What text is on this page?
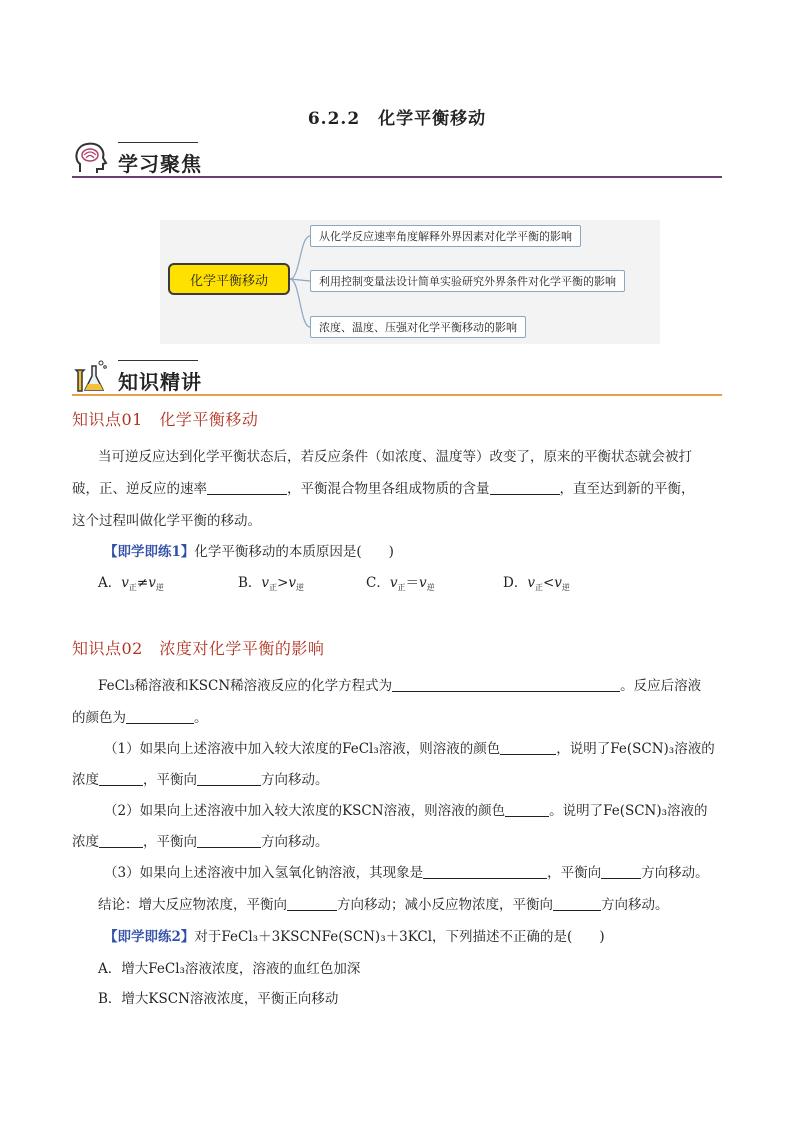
6.2.2　化学平衡移动
学习聚焦
化学平衡移动
从化学反应速率角度解释外界因素对化学平衡的影响
利用控制变量法设计简单实验研究外界条件对化学平衡的影响
浓度、温度、压强对化学平衡移动的影响
知识精讲
知识点01　化学平衡移动
当可逆反应达到化学平衡状态后，若反应条件（如浓度、温度等）改变了，原来的平衡状态就会被打
破，正、逆反应的速率	，平衡混合物里各组成物质的含量	，直至达到新的平衡，
这个过程叫做化学平衡的移动。
【即学即练1】化学平衡移动的本质原因是(　　)
A．$v_正\ne v_逆$	B．$v_正>v_逆$	C．$v_正=v_逆$	D．$v_正<v_逆$
知识点02　浓度对化学平衡的影响
FeCl₃稀溶液和KSCN稀溶液反应的化学方程式为	。反应后溶液
的颜色为	。
（1）如果向上述溶液中加入较大浓度的FeCl₃溶液，则溶液的颜色	，说明了Fe(SCN)₃溶液的
浓度	，平衡向	方向移动。
（2）如果向上述溶液中加入较大浓度的KSCN溶液，则溶液的颜色	。说明了Fe(SCN)₃溶液的
浓度	，平衡向	方向移动。
（3）如果向上述溶液中加入氢氧化钠溶液，其现象是	，平衡向	方向移动。
结论：增大反应物浓度，平衡向	方向移动；减小反应物浓度，平衡向	方向移动。
【即学即练2】对于FeCl₃＋3KSCNFe(SCN)₃＋3KCl，下列描述不正确的是(　　)
A．增大FeCl₃溶液浓度，溶液的血红色加深
B．增大KSCN溶液浓度，平衡正向移动
